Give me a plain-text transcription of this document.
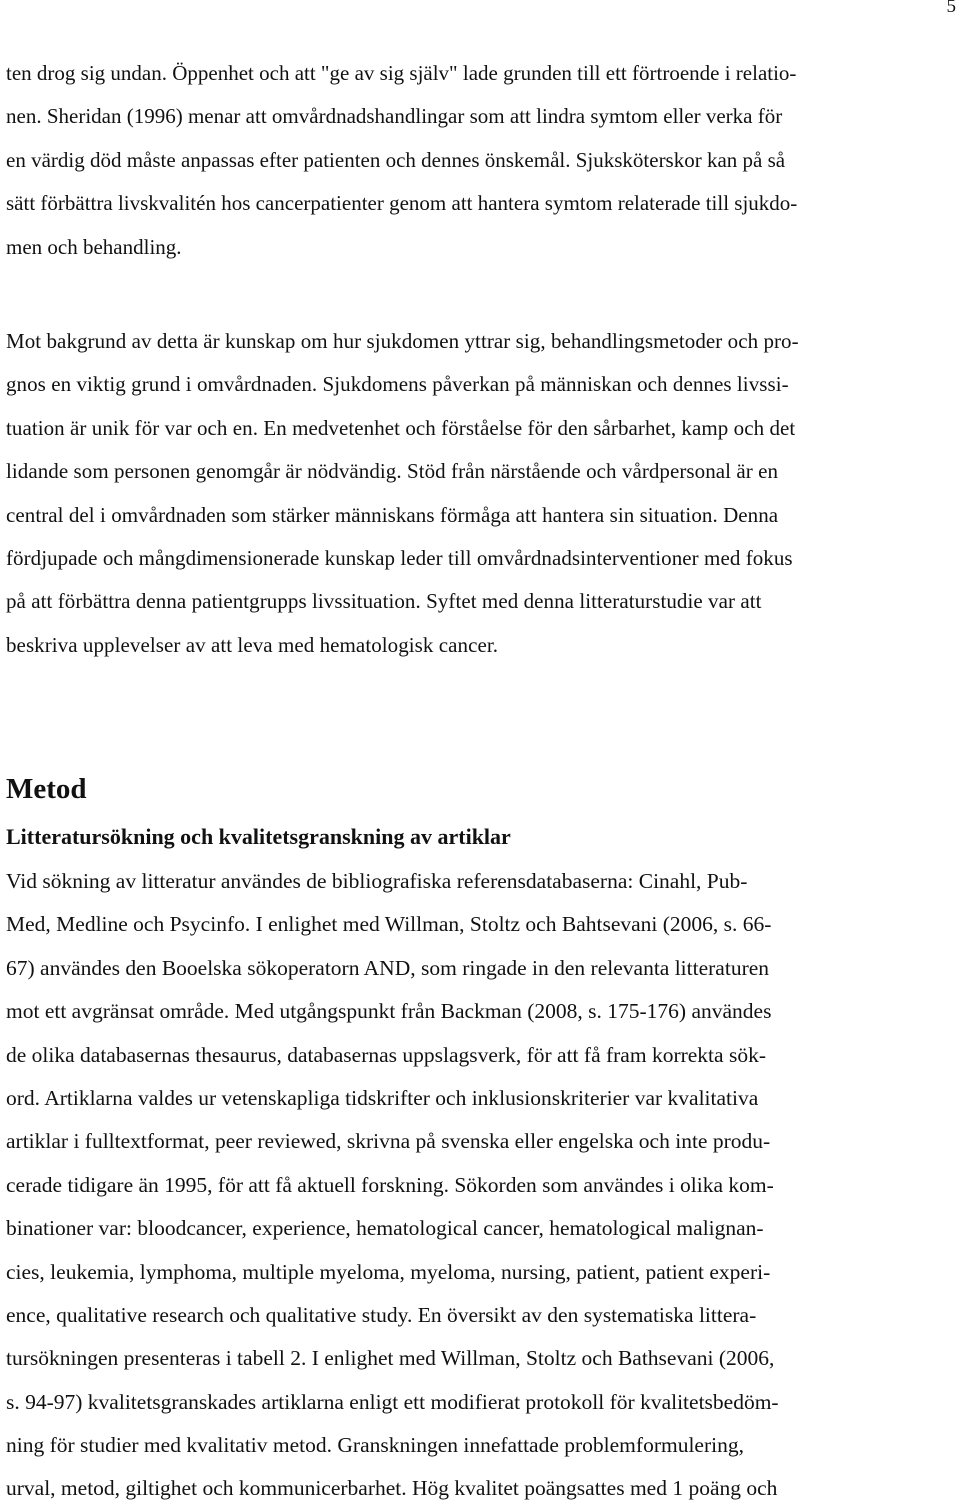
5
ten drog sig undan. Öppenhet och att "ge av sig själv" lade grunden till ett förtroende i relatio-
nen. Sheridan (1996) menar att omvårdnadshandlingar som att lindra symtom eller verka för
en värdig död måste anpassas efter patienten och dennes önskemål. Sjuksköterskor kan på så
sätt förbättra livskvalitén hos cancerpatienter genom att hantera symtom relaterade till sjukdo-
men och behandling.
Mot bakgrund av detta är kunskap om hur sjukdomen yttrar sig, behandlingsmetoder och pro-
gnos en viktig grund i omvårdnaden. Sjukdomens påverkan på människan och dennes livssi-
tuation är unik för var och en. En medvetenhet och förståelse för den sårbarhet, kamp och det
lidande som personen genomgår är nödvändig. Stöd från närstående och vårdpersonal är en
central del i omvårdnaden som stärker människans förmåga att hantera sin situation. Denna
fördjupade och mångdimensionerade kunskap leder till omvårdnadsinterventioner med fokus
på att förbättra denna patientgrupps livssituation. Syftet med denna litteraturstudie var att
beskriva upplevelser av att leva med hematologisk cancer.
Metod
Litteratursökning och kvalitetsgranskning av artiklar
Vid sökning av litteratur användes de bibliografiska referensdatabaserna: Cinahl, Pub-
Med, Medline och Psycinfo. I enlighet med Willman, Stoltz och Bahtsevani (2006, s. 66-
67) användes den Booelska sökoperatorn AND, som ringade in den relevanta litteraturen
mot ett avgränsat område. Med utgångspunkt från Backman (2008, s. 175-176) användes
de olika databasernas thesaurus, databasernas uppslagsverk, för att få fram korrekta sök-
ord. Artiklarna valdes ur vetenskapliga tidskrifter och inklusionskriterier var kvalitativa
artiklar i fulltextformat, peer reviewed, skrivna på svenska eller engelska och inte produ-
cerade tidigare än 1995, för att få aktuell forskning. Sökorden som användes i olika kom-
binationer var: bloodcancer, experience, hematological cancer, hematological malignan-
cies, leukemia, lymphoma, multiple myeloma, myeloma, nursing, patient, patient experi-
ence, qualitative research och qualitative study. En översikt av den systematiska littera-
tursökningen presenteras i tabell 2. I enlighet med Willman, Stoltz och Bathsevani (2006,
s. 94-97) kvalitetsgranskades artiklarna enligt ett modifierat protokoll för kvalitetsbedöm-
ning för studier med kvalitativ metod. Granskningen innefattade problemformulering,
urval, metod, giltighet och kommunicerbarhet. Hög kvalitet poängsattes med 1 poäng och
